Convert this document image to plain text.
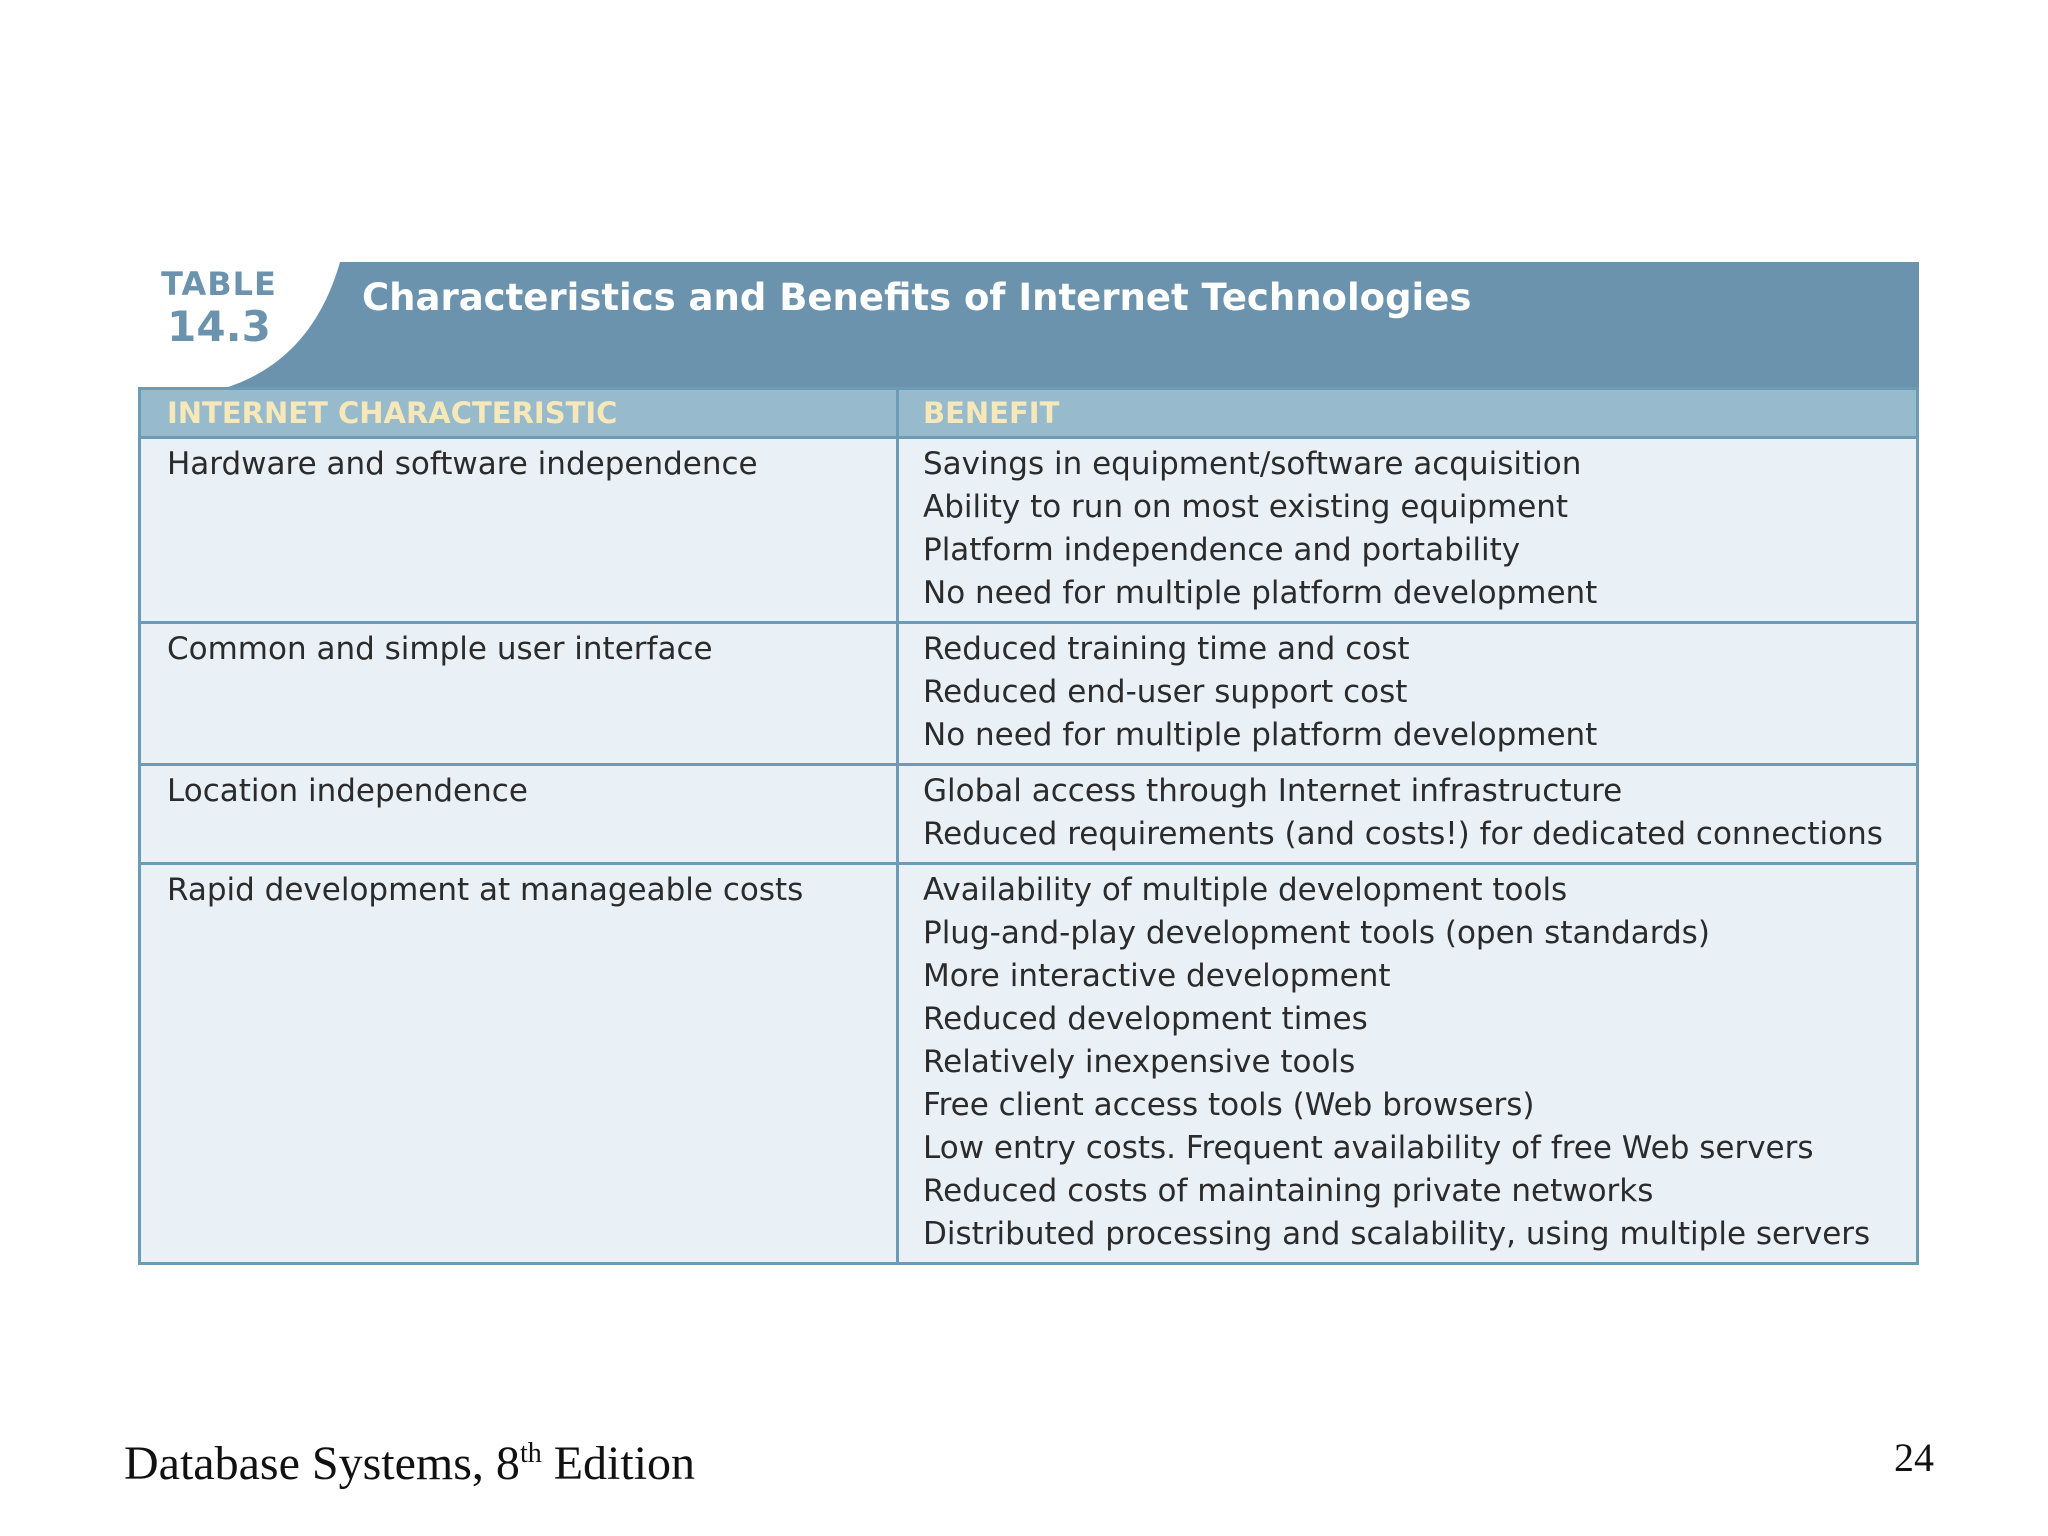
TABLE
14.3
Characteristics and Benefits of Internet Technologies
INTERNET CHARACTERISTIC	BENEFIT
Hardware and software independence	Savings in equipment/software acquisition
Ability to run on most existing equipment
Platform independence and portability
No need for multiple platform development
Common and simple user interface	Reduced training time and cost
Reduced end-user support cost
No need for multiple platform development
Location independence	Global access through Internet infrastructure
Reduced requirements (and costs!) for dedicated connections
Rapid development at manageable costs	Availability of multiple development tools
Plug-and-play development tools (open standards)
More interactive development
Reduced development times
Relatively inexpensive tools
Free client access tools (Web browsers)
Low entry costs. Frequent availability of free Web servers
Reduced costs of maintaining private networks
Distributed processing and scalability, using multiple servers
Database Systems, 8th Edition	24
